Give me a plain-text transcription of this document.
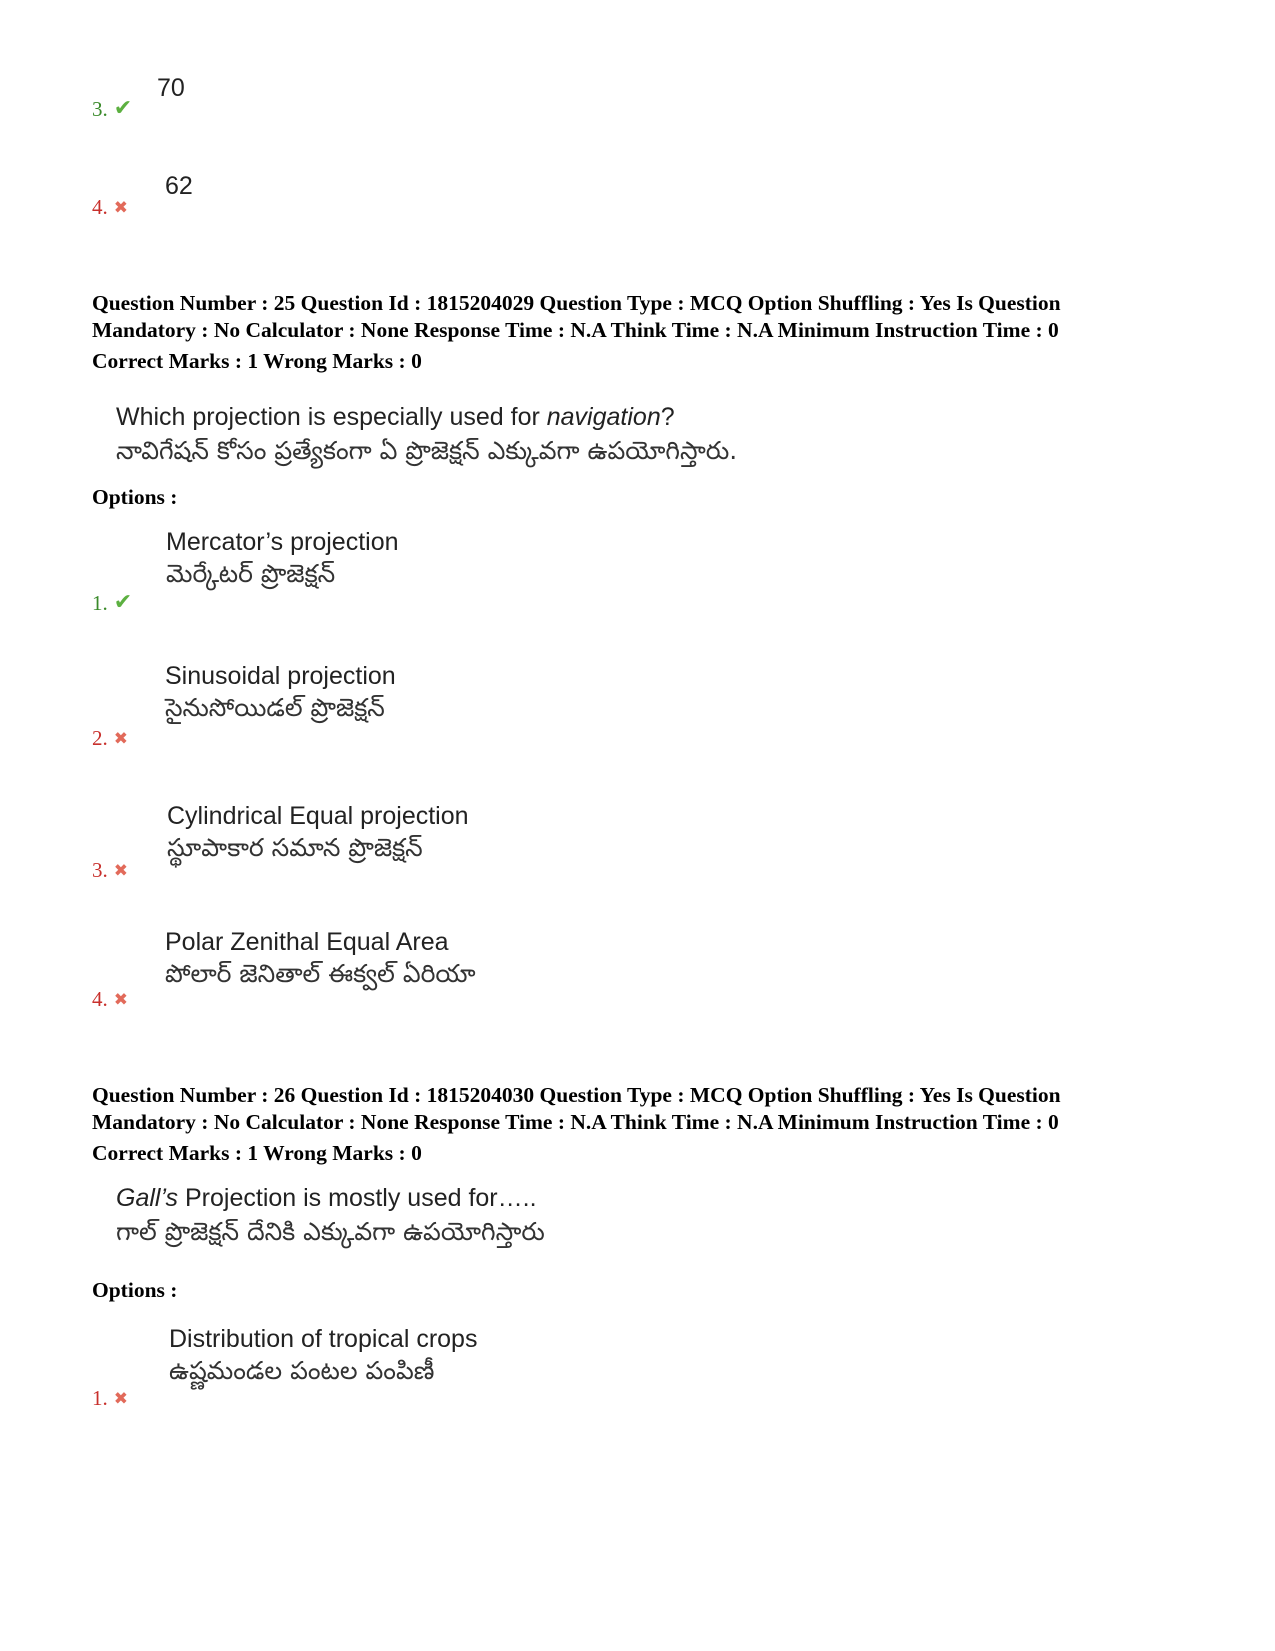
70
3. ✔
62
4. ✖
Question Number : 25 Question Id : 1815204029 Question Type : MCQ Option Shuffling : Yes Is Question
Mandatory : No Calculator : None Response Time : N.A Think Time : N.A Minimum Instruction Time : 0
Correct Marks : 1 Wrong Marks : 0
Which projection is especially used for navigation?
నావిగేషన్ కోసం ప్రత్యేకంగా ఏ ప్రొజెక్షన్ ఎక్కువగా ఉపయోగిస్తారు.
Options :
Mercator’s projection
మెర్కేటర్ ప్రొజెక్షన్
1. ✔
Sinusoidal projection
సైనుసోయిడల్ ప్రొజెక్షన్
2. ✖
Cylindrical Equal projection
స్థూపాకార సమాన ప్రొజెక్షన్
3. ✖
Polar Zenithal Equal Area
పోలార్ జెనితాల్ ఈక్వల్ ఏరియా
4. ✖
Question Number : 26 Question Id : 1815204030 Question Type : MCQ Option Shuffling : Yes Is Question
Mandatory : No Calculator : None Response Time : N.A Think Time : N.A Minimum Instruction Time : 0
Correct Marks : 1 Wrong Marks : 0
Gall’s Projection is mostly used for…..
గాల్ ప్రొజెక్షన్ దేనికి ఎక్కువగా ఉపయోగిస్తారు
Options :
Distribution of tropical crops
ఉష్ణమండల పంటల పంపిణీ
1. ✖
